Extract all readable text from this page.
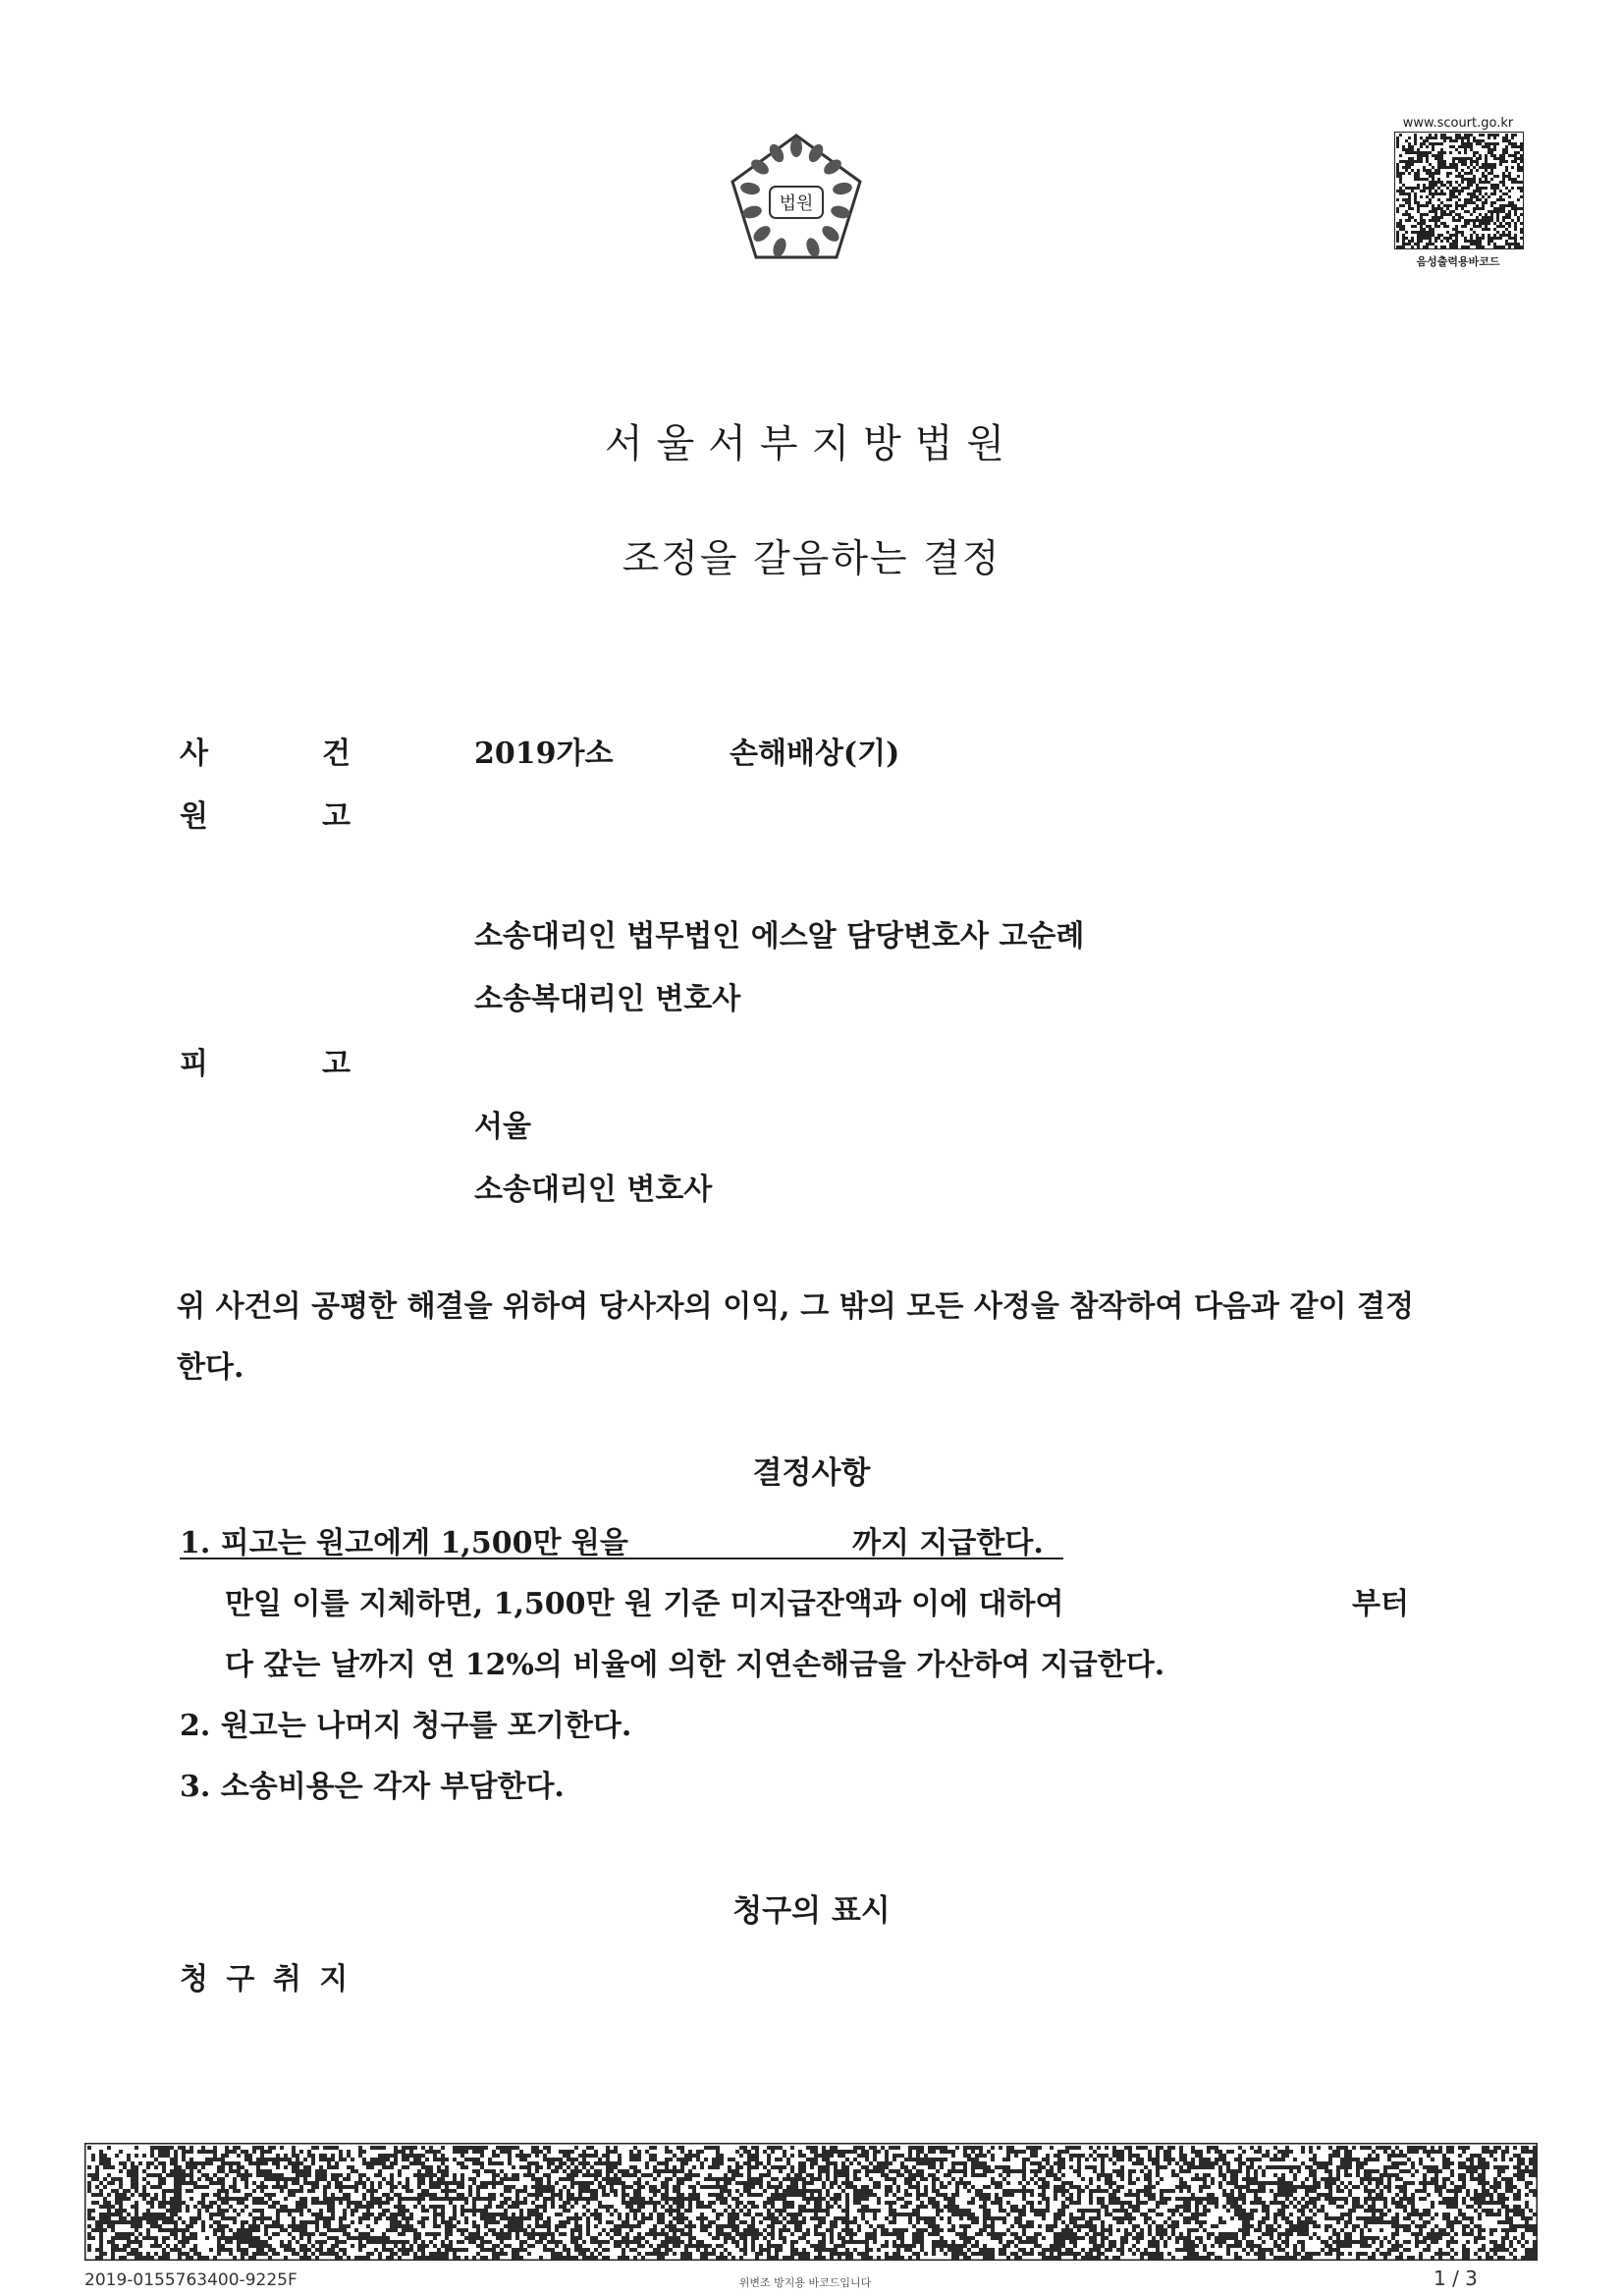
법원
www.scourt.go.kr
음성출력용바코드
서울서부지방법원
조정을 갈음하는 결정
사	건	2019가소	손해배상(기)
원	고
소송대리인 법무법인 에스알 담당변호사 고순례
소송복대리인 변호사
피	고
서울
소송대리인 변호사
위 사건의 공평한 해결을 위하여 당사자의 이익, 그 밖의 모든 사정을 참작하여 다음과 같이 결정한다.
결정사항
1. 피고는 원고에게 1,500만 원을	까지 지급한다.
만일 이를 지체하면, 1,500만 원 기준 미지급잔액과 이에 대하여	부터
다 갚는 날까지 연 12%의 비율에 의한 지연손해금을 가산하여 지급한다.
2. 원고는 나머지 청구를 포기한다.
3. 소송비용은 각자 부담한다.
청구의 표시
청 구 취 지
2019-0155763400-9225F	위변조 방지용 바코드입니다	1 / 3
